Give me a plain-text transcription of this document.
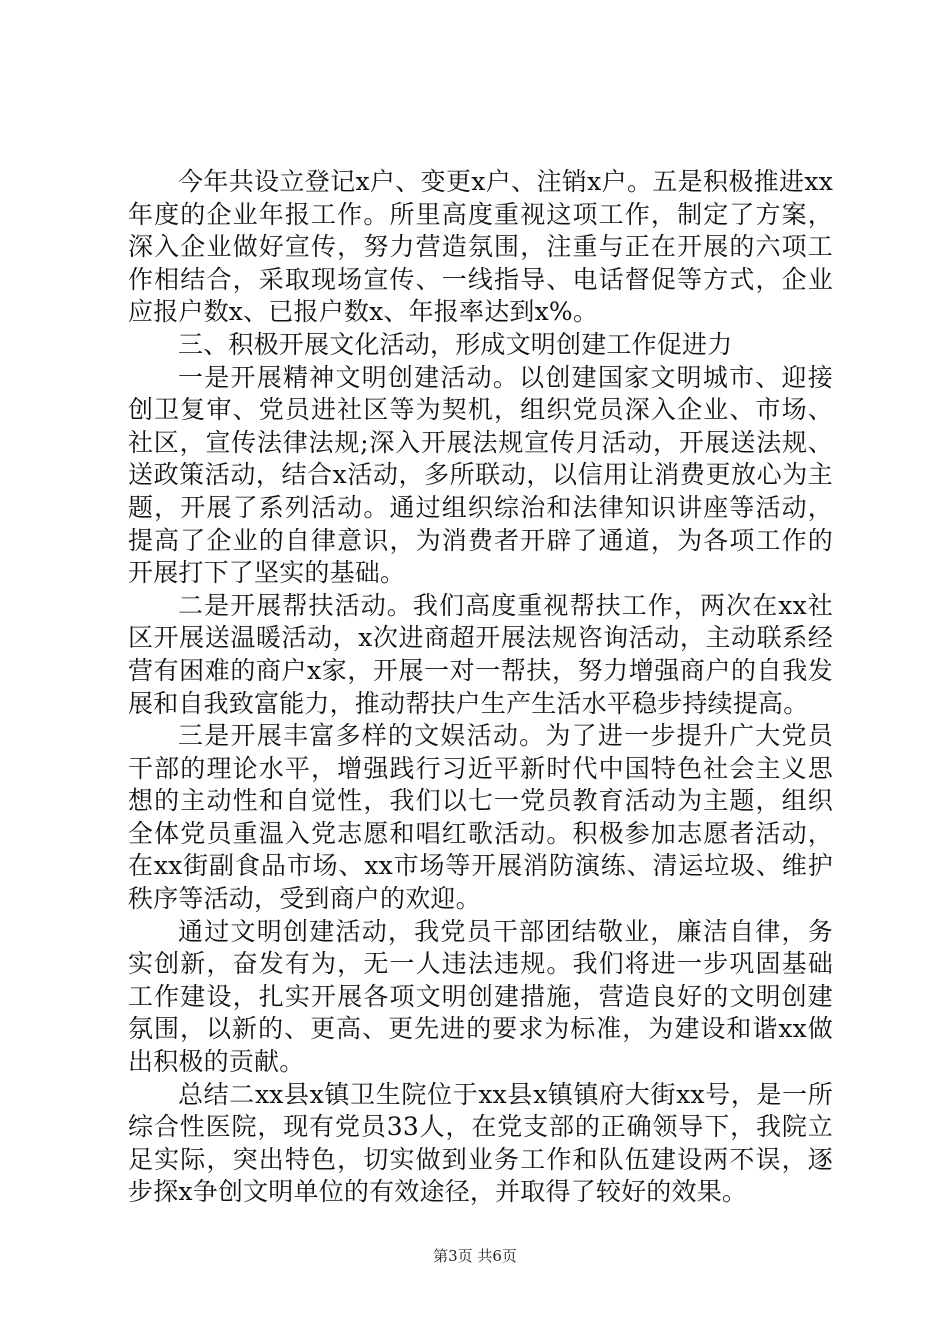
今年共设立登记x户、变更x户、注销x户。五是积极推进xx年度的企业年报工作。所里高度重视这项工作，制定了方案，深入企业做好宣传，努力营造氛围，注重与正在开展的六项工作相结合，采取现场宣传、一线指导、电话督促等方式，企业应报户数x、已报户数x、年报率达到x%。

三、积极开展文化活动，形成文明创建工作促进力

一是开展精神文明创建活动。以创建国家文明城市、迎接创卫复审、党员进社区等为契机，组织党员深入企业、市场、社区，宣传法律法规;深入开展法规宣传月活动，开展送法规、送政策活动，结合x活动，多所联动，以信用让消费更放心为主题，开展了系列活动。通过组织综治和法律知识讲座等活动，提高了企业的自律意识，为消费者开辟了通道，为各项工作的开展打下了坚实的基础。

二是开展帮扶活动。我们高度重视帮扶工作，两次在xx社区开展送温暖活动，x次进商超开展法规咨询活动，主动联系经营有困难的商户x家，开展一对一帮扶，努力增强商户的自我发展和自我致富能力，推动帮扶户生产生活水平稳步持续提高。

三是开展丰富多样的文娱活动。为了进一步提升广大党员干部的理论水平，增强践行习近平新时代中国特色社会主义思想的主动性和自觉性，我们以七一党员教育活动为主题，组织全体党员重温入党志愿和唱红歌活动。积极参加志愿者活动，在xx街副食品市场、xx市场等开展消防演练、清运垃圾、维护秩序等活动，受到商户的欢迎。

通过文明创建活动，我党员干部团结敬业，廉洁自律，务实创新，奋发有为，无一人违法违规。我们将进一步巩固基础工作建设，扎实开展各项文明创建措施，营造良好的文明创建氛围，以新的、更高、更先进的要求为标准，为建设和谐xx做出积极的贡献。

总结二xx县x镇卫生院位于xx县x镇镇府大街xx号，是一所综合性医院，现有党员33人，在党支部的正确领导下，我院立足实际，突出特色，切实做到业务工作和队伍建设两不误，逐步探x争创文明单位的有效途径，并取得了较好的效果。

第3页 共6页
